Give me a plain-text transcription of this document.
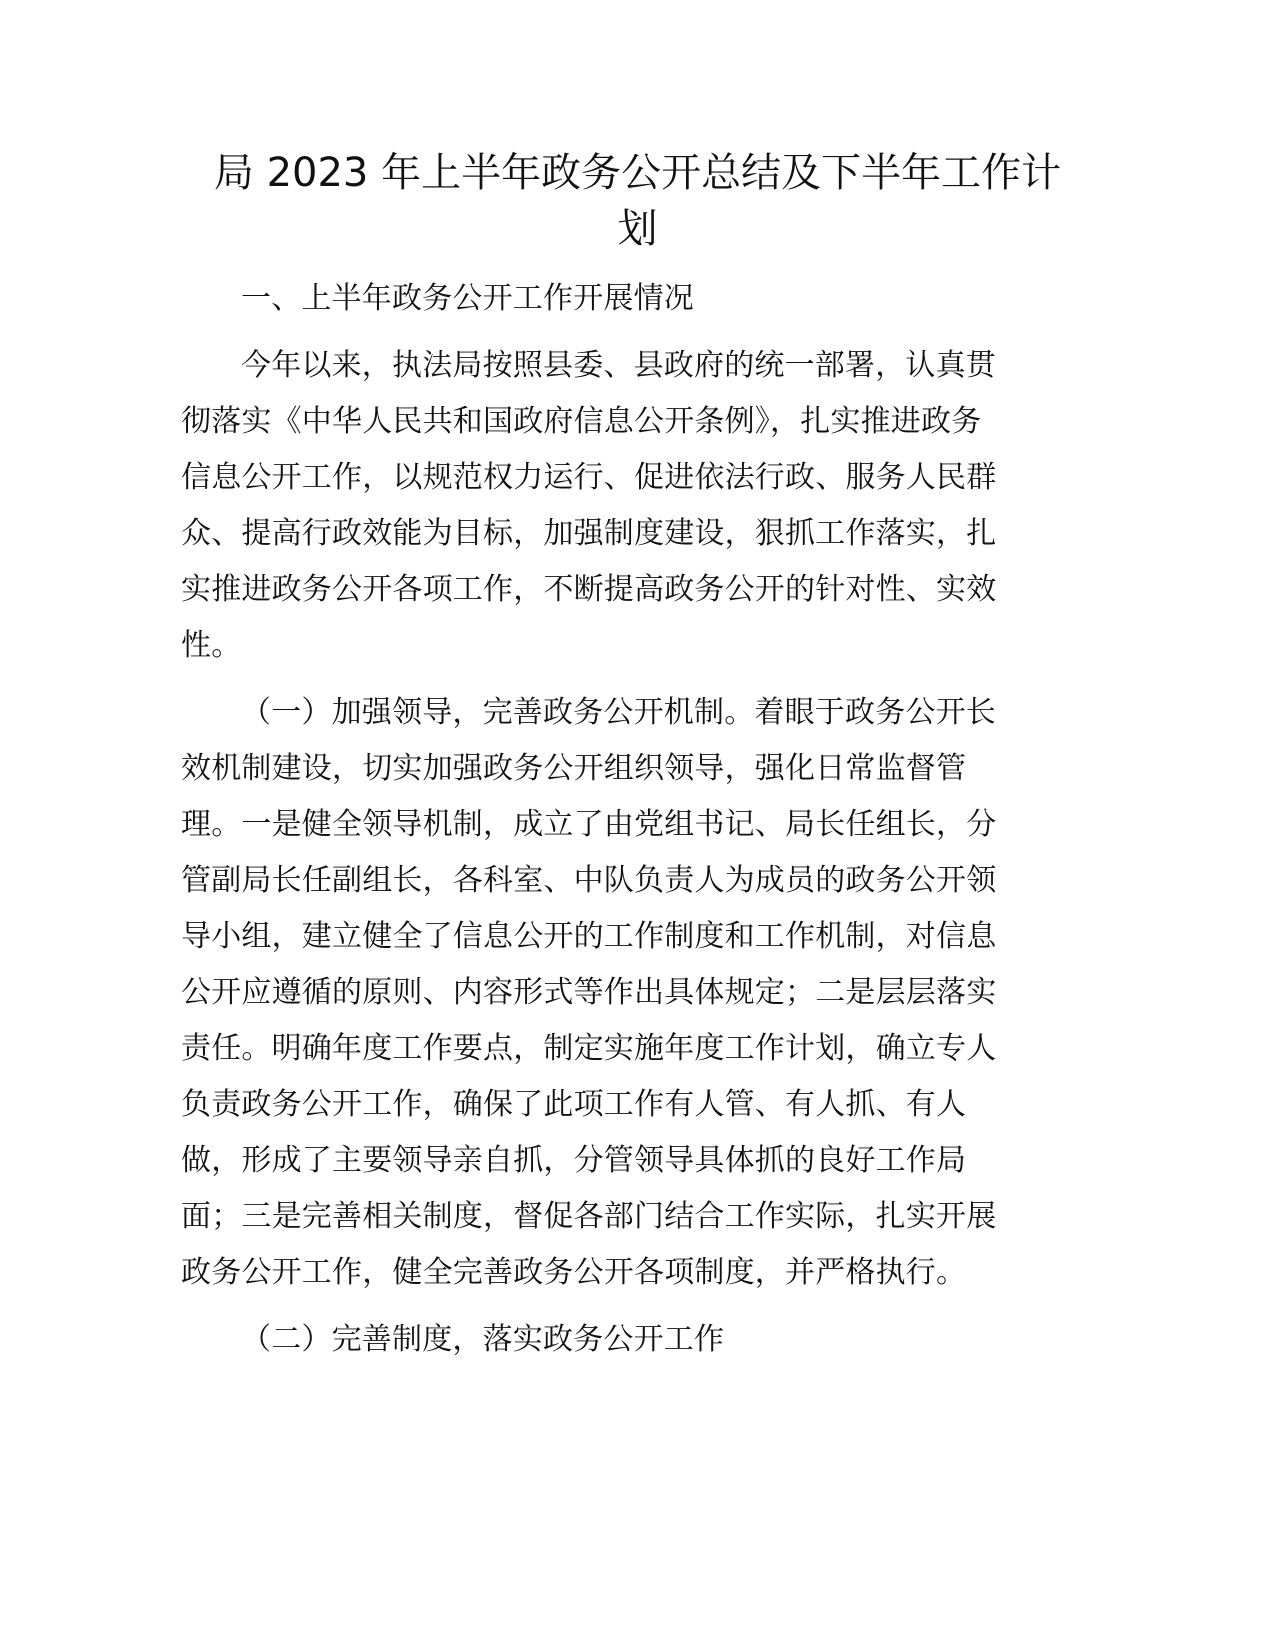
局 2023 年上半年政务公开总结及下半年工作计
划
一、上半年政务公开工作开展情况
今年以来，执法局按照县委、县政府的统一部署，认真贯
彻落实《中华人民共和国政府信息公开条例》，扎实推进政务
信息公开工作，以规范权力运行、促进依法行政、服务人民群
众、提高行政效能为目标，加强制度建设，狠抓工作落实，扎
实推进政务公开各项工作，不断提高政务公开的针对性、实效
性。
（一）加强领导，完善政务公开机制。着眼于政务公开长
效机制建设，切实加强政务公开组织领导，强化日常监督管
理。一是健全领导机制，成立了由党组书记、局长任组长，分
管副局长任副组长，各科室、中队负责人为成员的政务公开领
导小组，建立健全了信息公开的工作制度和工作机制，对信息
公开应遵循的原则、内容形式等作出具体规定；二是层层落实
责任。明确年度工作要点，制定实施年度工作计划，确立专人
负责政务公开工作，确保了此项工作有人管、有人抓、有人
做，形成了主要领导亲自抓，分管领导具体抓的良好工作局
面；三是完善相关制度，督促各部门结合工作实际，扎实开展
政务公开工作，健全完善政务公开各项制度，并严格执行。
（二）完善制度，落实政务公开工作
